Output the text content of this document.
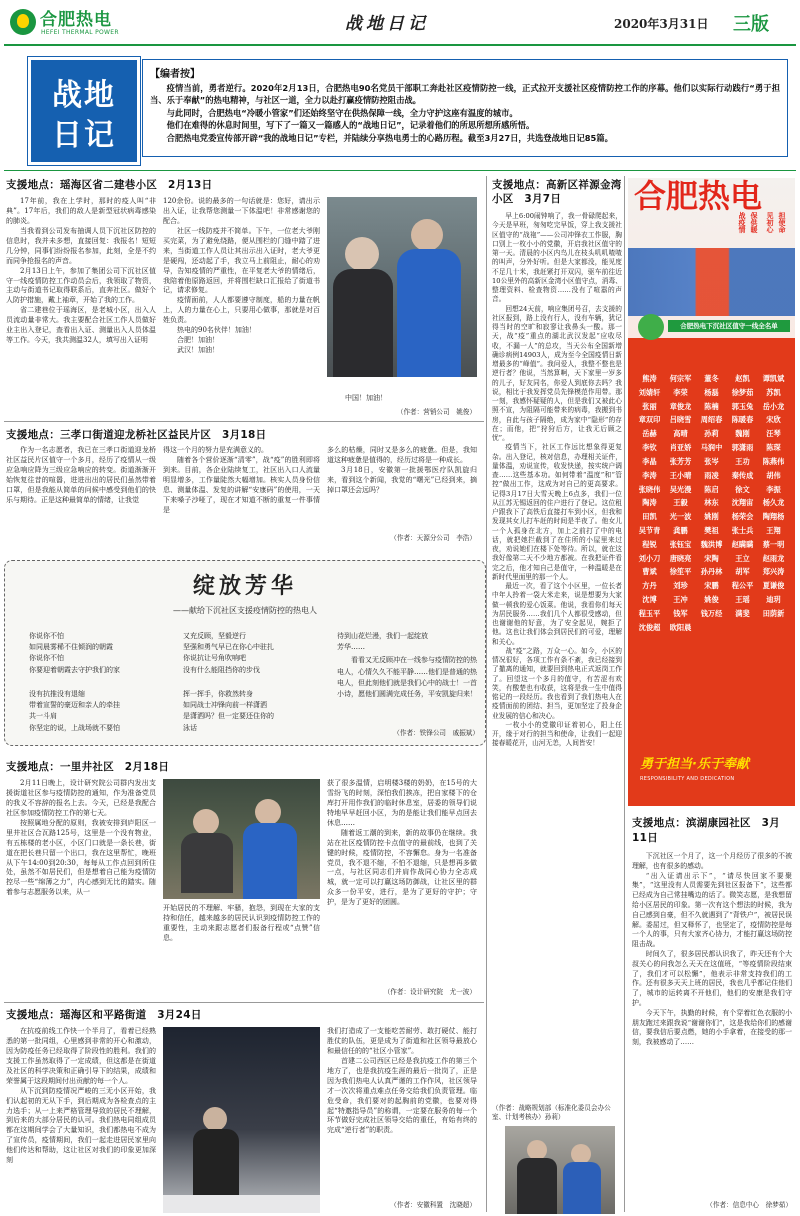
合肥热电
HEFEI THERMAL POWER	战地日记	2020年3月31日 三版
战地
日记
【编者按】

疫情当前，勇者逆行。2020年2月13日，合肥热电90名党员干部职工奔赴社区疫情防控一线，正式拉开支援社区疫情防控工作的序幕。他们以实际行动践行“勇于担当、乐于奉献”的热电精神，与社区一道，全力以赴打赢疫情防控阻击战。

与此同时，合肥热电“冷暖小管家”们还始终坚守在供热保障一线，全力守护这座有温度的城市。

他们在难得的休息时间里，写下了一篇又一篇感人的“战地日记”，记录着他们的所思所想所感所悟。

合肥热电党委宣传部开辟“我的战地日记”专栏，并陆续分享热电勇士的心路历程。截至3月27日，共选登战地日记85篇。

支援地点：瑶海区省二建巷小区　2月13日

17年前，我在上学时，那时的疫人叫“非典”。17年后，我们的敌人是新型冠状病毒感染的肺炎。

当我看到公司发布抽调人员下沉社区防控的信息时，我并未多想，直接回复：我报名！短短几分钟，同事们纷纷报名参加，此刻，全是不约而同争抢报名的声音。

2月13日上午，参加了集团公司下沉社区值守一线疫情防控工作动员会后，我领取了物资，主动与街道书记取得联系后，直奔社区。做好个人防护措施，戴上袖章，开始了我的工作。

省二建巷位于瑶海区，是老城小区，出入人员流动量非常大。我主要配合社区工作人员做好业主出入登记，查看出入证、测量出入人员体温等工作。今天，我共测温32人，填写出入证明

120余份。说的最多的一句话就是：您好，请出示出入证，让我帮您测量一下体温吧！非常感谢您的配合。

社区一线防疫并不简单。下午，一位老大爷刚买完菜，为了避免绕路，便从围栏的门缝中踏了进来，当街道工作人员让其出示出入证时，老大爷更是硬闯，还动起了手，我立马上前阻止，耐心的劝导，告知疫情的严重性，在平复老大爷的情绪后，我陪着他原路返回，并将围栏缺口汇报给了街道书记，请求修复。

疫情面前，人人都要遵守制度，船的力量在帆上，人的力量在心上，只要用心做事，那就是对百姓负责。

热电的90名伙伴！加油！

合肥！加油！

武汉！加油！

中国！加油！
（作者：营销公司　姚俊）
支援地点：三孝口街道迎龙桥社区益民片区　3月18日
作为一名志愿者，我已在三孝口街道迎龙桥社区益民片区值守一个多月，经历了疫情从一级应急响应降为三级应急响应的转变。街道渐渐开始恢复往昔的喧嚣，进进出出的居民们虽然带着口罩，但是我能从简单的问候中感受到他们的快乐与期待。正是这种最简单的情绪，让我觉

得这一个月的努力是充满意义的。

随着各个营价逐渐“清零”，战“疫”的胜利即将到来。目前，各企业陆续复工，社区出入口人流量明显增多，工作量陡然大幅增加。核实人员身份信息、测量体温、发复的讲解“安康码”的使用，一天下来嗓子沙哑了，现在才知道不断的重复一件事情是

多么的枯燥，同时又是多么的疲惫。但是，我知道这种疲惫是值得的，经历过将是一种成长。

3月18日，安徽第一批援鄂医疗队凯旋归来，看到这个新闻，我觉的“曙光”已经到来，摘掉口罩还会远吗？

（作者：天源分公司　李浩）
绽放芳华
——献给下沉社区支援疫情防控的热电人
你说你不怕
如同晨雾稀不住倾润的朝霞
你说你不怕
你要迎着朝霞去守护我们的家
没有抗推没有退缩
带着宣誓的豪迈和亲人的牵挂
共一斗肩
你坚定的说，上战场就不要怕
又充反顾，坚毅逆行
坚强和勇气早已在你心中驻扎
你说抗让号角吹响吧
没有什么能阻挡你的步伐
挥一挥手，你救然转身
如同战士冲锋向前一样潇洒
是潇洒吗？但一定要还住你的
泳话
待到山花烂漫，我们一起绽放
芳华……
看看又无反顾冲在一线参与疫情防控的热电人，心情久久不能平静……他们是普通的热电人，但此刻他们就是我们心中的战士！一首小诗，愿他们圆满完成任务，平安凯旋归来！
（作者：铁锋公司　戚振斌）
支援地点：一里井社区　2月18日

2月11日晚上，设计研究院公司群内发出支援街道社区参与疫情防控的通知，作为准备党员的我义不容辞的报名上去。今天，已经是我配合社区参加疫情防控工作的第七天。

按照属地分配的原则，我被安排到庐阳区一里井社区合瓦路125号，这里是一个没有物业，有五栋楼的老小区，小区门口就是一条长巷，街道在把长巷只留一个出口，我在这里帮忙，晚班从下午14:00到20:30，每每从工作点回到所住处，虽然不如居民们，但是想着自己能为疫情防控尽一些“绵薄之力”，内心感到无比的踏实。随着参与志愿服务以来，从一

开始居民的不理解、牢骚，抱怨，到现在大家的支持和信任，越来越多的居民认识到疫情防控工作的重要性，主动来跟志愿者们报备行程或“点赞”信息。

获了很多温情，启明楼3楼的奶奶，在15号的大雪纷飞的时刻，深怕我们挨冻，把自家楼下的仓库打开用作我们的临时休息室，居委的领导们说特地早早赶回小区，为的是能让我们能早点回去休息……

随着返工潮的到来，新的故事仍在继续。我站在社区疫情防控卡点值守的最前线，也到了关键的时候，疫情防控，不容懈怠。身为一名准备党员，我不退不缩，不怕不退缩，只是想再多做一点，与社区同志们并肩作战同心协力全志成城，就一定可以打赢这场防御战，让社区里的群众多一份平安，进行，是为了更好的守护；守护，是为了更好的团圆。

（作者：设计研究院　尤一波）
支援地点：瑶海区和平路街道　3月24日

在抗疫前线工作快一个半月了，看着已经熟悉的第一批同组，心里感到非常的开心和激动，因为防疫任务已经取得了阶段性的胜利。我们的支援工作虽然取得了一定成绩，但这都是在街道及社区的科学决策和正确引导下的结果，成绩和荣誉属于这段期间付出贡献的每一个人。

从下沉到防疫情况严峻的三无小区开始，我们认起初的无从下手，到后期成为各检查点的主力选手；从一上来严格管理导致的居民不理解，到后来的大部分居民的认可。我们热电同组成员都在这期间学会了大量知识，我们都热电不成为了宣传员，疫情期间，我们一起走进居民家里向他们传达和帮助，这让社区对我们的印象更加深刻

我们打造成了一支能吃苦耐劳、敢打硬仗、能打胜仗的队伍，更是成为了街道和社区领导最放心和最信任的的“社区小管家”。

首建二公司西区已经是我抗疫工作的第三个地方了，也是我抗疫生涯的最后一批岗了，正是因为我们热电人认真严谨的工作作风，社区领导才一次次将重点难点任务交给我们负责管理。临危受命，我们要对的起胸前的党徽，也要对得起“特邀指导员”的称谓，一定要在服务的每一个环节做好完成社区领导交给的重任，有始有终的完成“逆行者”的职责。

（作者：安徽科置　沈晓超）
支援地点：高新区祥源金湾小区　3月7日

早上6:00闹钟响了，我一骨碌爬起来，今天是早班，匆匆吃完早饭，穿上我支援社区值守的“战袍”——公司冲锋衣工作服，胸口别上一枚小小的党徽，开启我社区值守的第一天。清晨的小区内鸟儿在枝头叽叽喳喳的叫声，分外好听。但是大家都没，能见度不足几十米，我赶紧打开双闪，驱车前往近10公里外的高新区金湾小区值守点，消毒、整理资料、检查物资……没有了喧嚣的声音。

回想24天前，响应集团号召，去支援的社区报到，路上没有行人，没有车辆，犹记得当时的空旷和寂寥让我鼻头一酸。那一天，战“疫”重点的湖北武汉发起“应收尽收，不漏一人”的总攻，当天公布全国新增确诊病例14903人，成为至今全国疫情日新增最多的“峰值”。我问爱人，我整不整也是逆行者？他说，当然算啊，天下家里一岁多的儿子，好友同名，你爱人到底你去吗？我说，相比于我发挥党员先锋模范作用带。那一刻，我感怀疑疑的人，但是我们又被此心照不宣，为阻隔可能带来的病毒，我搬到书房，自此与孩子隔绝，成为家中“隐形”的存在；而他，把“狩狩后方，让我无后顾之忧”。

疫情当下，社区工作远比想象得更复杂。出入登记，核对信息，办理相关证件，量体温，劝说宣传，收发快递，按实统户调查……这些基本功。如何带着“温度”和“管控”做出工作，这成为对自己的更高要求。记得3月17日大雪天晚上6点多，我们一位从江苏无锡返回的住户进行了登记。这位租户跟我下了高铁后直接打车到小区，但我和发现其女儿打车赶的时间是半夜了。他女儿一个人孤身在北方，加上之前打了中的电话，就把她拦截到了在住所的小屋里来过夜，劝说她们在楼下处等待。所以，就在这我好像第二天不少地方都被。在我把证件看完之后，他才知自己是值守，一种温暖是在新时代里面里的那一个人。

最近一次，看了这个小区里，一位长者中年人拎着一袋大米走来，说是想要为大家做一顿我的爱心饭菜。他说，我看你们每天为居民服务……我们几个人都很受感动，但也谢谢他的好意，为了安全起见，婉拒了他。这也让我们体会到居民们的可爱，理解和关心。

战“疫”之路，万众一心。如今，小区的情况很好，各项工作有条不紊，我已经接到了撤离的通知，就要回到热电正式返岗工作了。回望这一个多月的值守，有苦涩有欢笑，有酸楚也有收获，这将是我一生中值得铭记的一段经历。我也看到了我们热电人在疫情面前的团结、担当，更加坚定了投身企业发展的信心和决心。

一枚小小的党徽印证着初心，阳上任开，缘于对行的担当和使命，让我们一起迎接春暖花开，山河无恙，人间皆安！

（作者：战略规划部（标准化委员会办公室、计划考核办）孙莉）
合肥热电
战疫情 保供暖 见初心 担使命
合肥热电下沉社区值守一线全名单
熊涛	何宗军	董冬	赵凯	谭凯斌
刘婧轩	李荣	杨磊	徐梦茹	苏凯
张丽	章俊龙	陈楠	郭玉兔	岳小龙
章双印	吕晓雪	周绍春	陈暖春	宋欣
岳赫	高晴	孙莉	魏刚	汪琴
李钦	肖亚娇	马润中	郭潇雨	陈琛
李晶	张芳芳	张岑	王功	陈燕伟
李涛	王小晴	雨凌	秦传成	胡伟
张晓伟	吴光漫	陈启	徐文	李振
陶涛	王毅	林东	沈翔宙	杨久龙
田凯	光一波	姚刚	杨荣会	陶翔杨
吴节青	龚鹏	樊祖	张士兵	王翔
程锐	张钰宝	魏洪博	赵瞒瞒	蔡一明
刘小刀	唐晓亮	宋陶	王立	赵雨龙
曹斌	徐笙平	孙丹林	胡军	郑兴涛
方丹	刘珍	宋鹏	程公平	夏谦俊
沈博	王冲	姚俊	王瑶	迪玥
程玉平	钱军	钱万经	满斐	田荫新
沈俊超	欧阳晨
勇于担当·乐于奉献
RESPONSIBILITY AND DEDICATION
支援地点：滨湖康园社区　3月11日

下沉社区一个月了，这一个月经历了很多的不被理解，也有很多的感动。

“出入证请出示下”，“请尽快回家不要聚集”，“这里没有人员需要先到社区报备下”，这些都已经成为自己常挂嘴边的话了。微笑志愿，是我想留给小区居民的印象。第一次有这个想法的时候，我为自己感到自豪，但不久就遇到了“背铁户”，被居民误解。委屈过，但又释怀了，也坚定了，疫情防控是每一个人的事，只有大家齐心协力，才能打赢这场防控阻击战。

时间久了，很多居民都认识我了，昨天还有个大叔关心的问我怎么天天在这值班，“等疫情阶段结束了，我们才可以松懈”，他表示非常支持我们的工作。还有很多天天上班的居民，我也几乎都记住他们了，城市的运转离不开他们，他们的安康是我们守护。

今天下午，执勤的时候，有个穿着红色衣服的小朋友跑过来跟我说“谢谢你们”，这是我给你们的感谢信，要我信后要点燃，她的小手拿着，在接受的那一刻，我被感动了……

（作者：信息中心　徐梦茹）
